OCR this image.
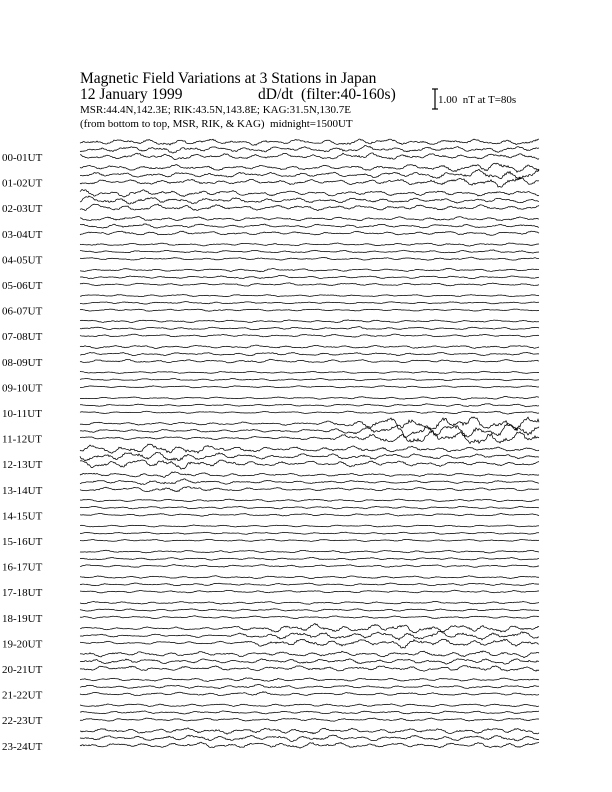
Magnetic Field Variations at 3 Stations in Japan
12 January 1999	dD/dt  (filter:40-160s)
MSR:44.4N,142.3E; RIK:43.5N,143.8E; KAG:31.5N,130.7E
(from bottom to top, MSR, RIK, & KAG)  midnight=1500UT
1.00  nT at T=80s
00-01UT
01-02UT
02-03UT
03-04UT
04-05UT
05-06UT
06-07UT
07-08UT
08-09UT
09-10UT
10-11UT
11-12UT
12-13UT
13-14UT
14-15UT
15-16UT
16-17UT
17-18UT
18-19UT
19-20UT
20-21UT
21-22UT
22-23UT
23-24UT
